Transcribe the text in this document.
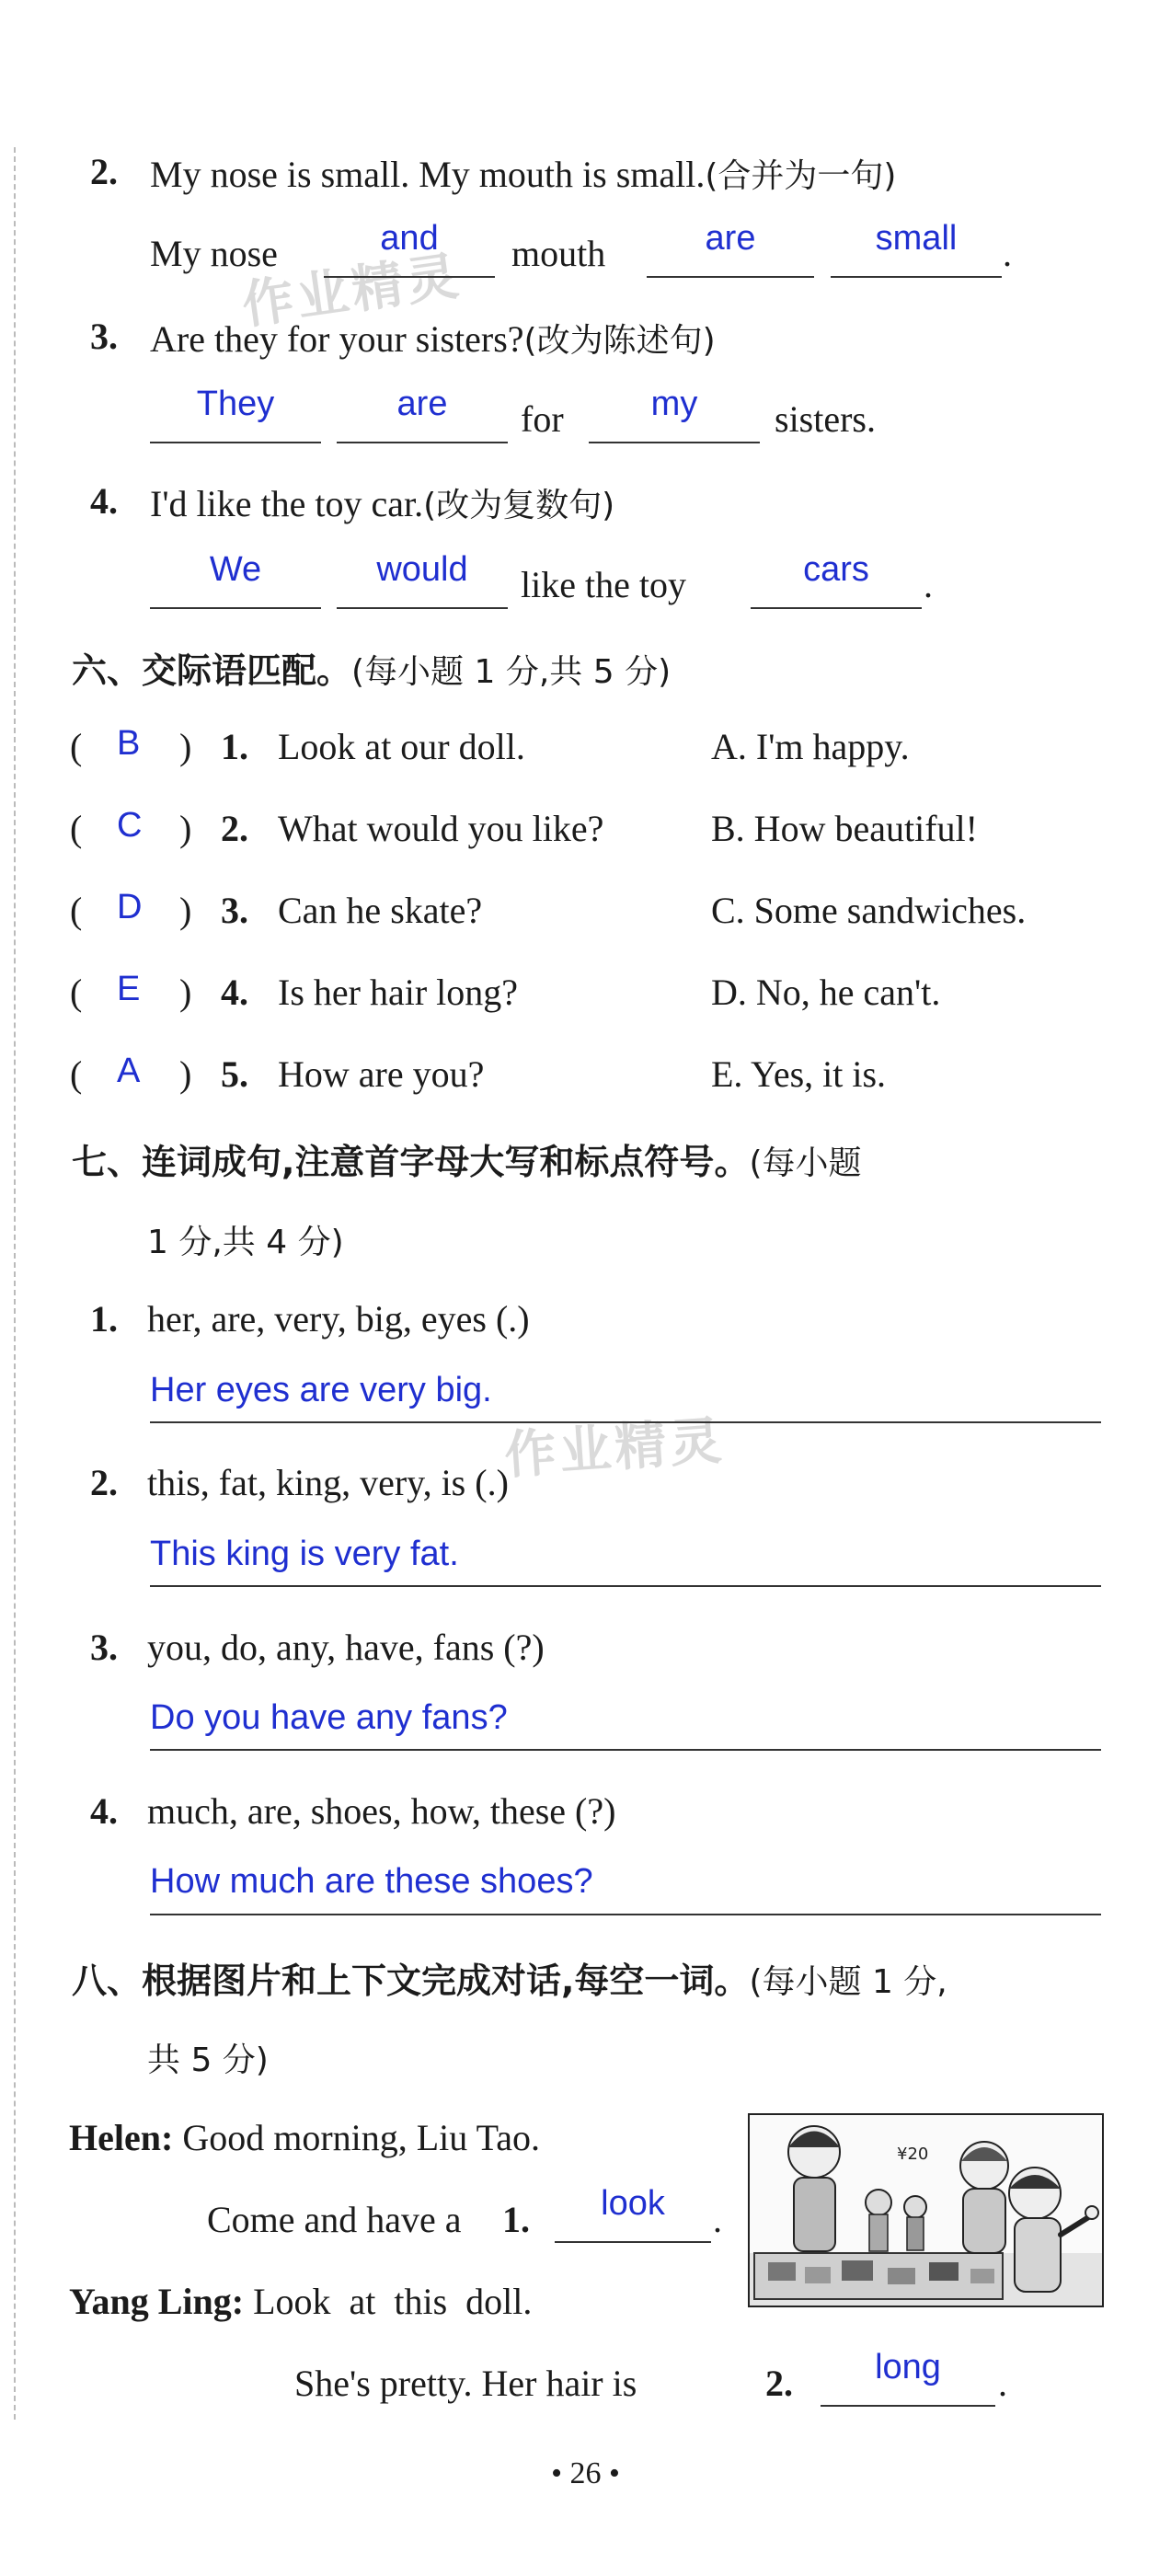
作业精灵
作业精灵
2. My nose is small. My mouth is small.(合并为一句)
My nose	and	mouth	are	small	.
3. Are they for your sisters?(改为陈述句)
They	are	for	my	sisters.
4. I'd like the toy car.(改为复数句)
We	would	like the toy	cars	.
六、交际语匹配。(每小题 1 分,共 5 分)
( B ) 1. Look at our doll.	A. I'm happy.
( C ) 2. What would you like?	B. How beautiful!
( D ) 3. Can he skate?	C. Some sandwiches.
( E ) 4. Is her hair long?	D. No, he can't.
( A ) 5. How are you?	E. Yes, it is.
七、连词成句,注意首字母大写和标点符号。(每小题
1 分,共 4 分)
1. her, are, very, big, eyes (.)
Her eyes are very big.
2. this, fat, king, very, is (.)
This king is very fat.
3. you, do, any, have, fans (?)
Do you have any fans?
4. much, are, shoes, how, these (?)
How much are these shoes?
八、根据图片和上下文完成对话,每空一词。(每小题 1 分,
共 5 分)
Helen: Good morning, Liu Tao.
Come and have a 1.	look	.
Yang Ling: Look  at  this  doll.
She's pretty. Her hair is	2.	long	.
¥20
• 26 •
